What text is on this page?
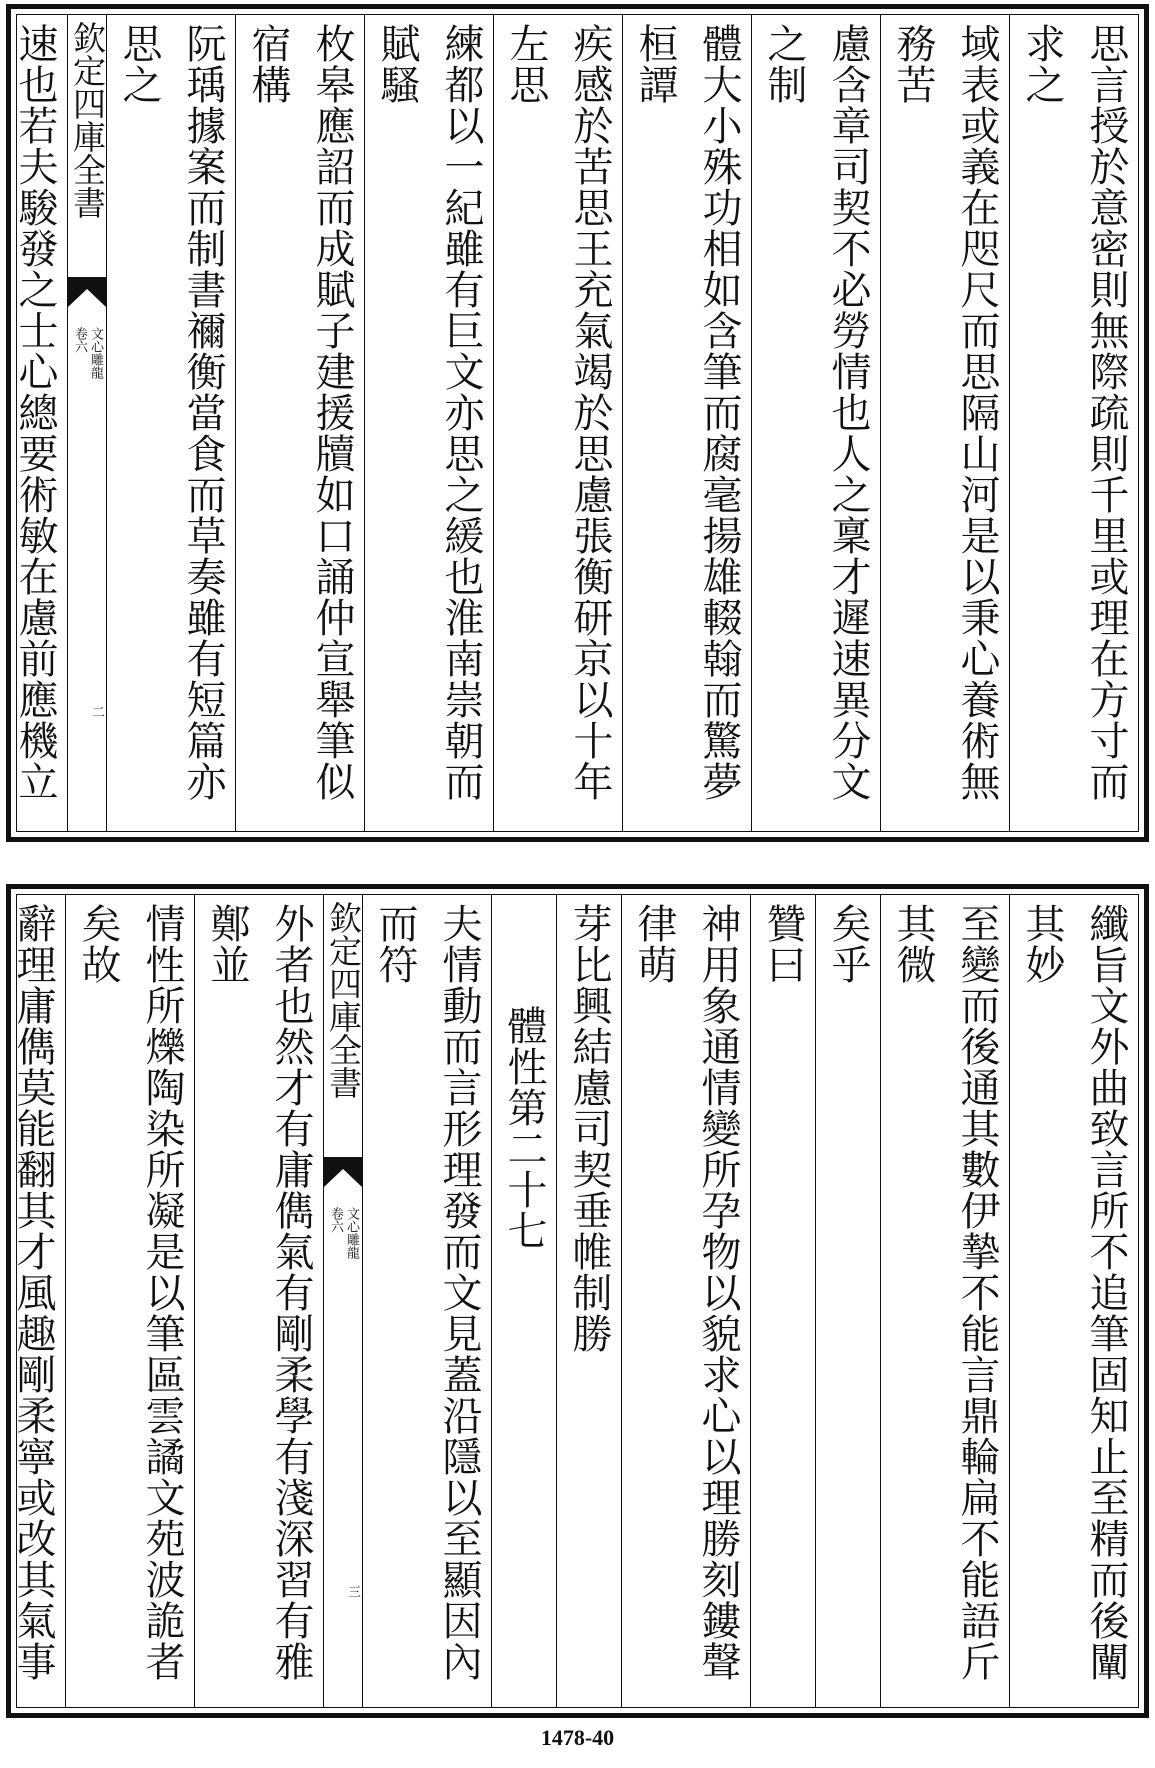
思言授於意密則無際疏則千里或理在方寸而求之
域表或義在咫尺而思隔山河是以秉心養術無務苦
慮含章司契不必勞情也人之稟才遲速異分文之制
體大小殊功相如含筆而腐毫揚雄輟翰而驚夢桓譚
疾感於苦思王充氣竭於思慮張衡研京以十年左思
練都以一紀雖有巨文亦思之緩也淮南崇朝而賦騷
枚皋應詔而成賦子建援牘如口誦仲宣舉筆似宿構
阮瑀據案而制書禰衡當食而草奏雖有短篇亦思之
欽定四庫全書
文心雕龍
卷六
二
速也若夫駿發之士心總要術敏在慮前應機立
纖旨文外曲致言所不追筆固知止至精而後闡其妙
至變而後通其數伊摯不能言鼎輪扁不能語斤其微
矣乎
贊曰
神用象通情變所孕物以貌求心以理勝刻鏤聲律萌
芽比興結慮司契垂帷制勝
體性第二十七
夫情動而言形理發而文見蓋沿隱以至顯因內而符
欽定四庫全書
文心雕龍
卷六
三
外者也然才有庸儁氣有剛柔學有淺深習有雅鄭並
情性所爍陶染所凝是以筆區雲譎文苑波詭者矣故
辭理庸儁莫能翻其才風趣剛柔寧或改其氣事
1478-40
